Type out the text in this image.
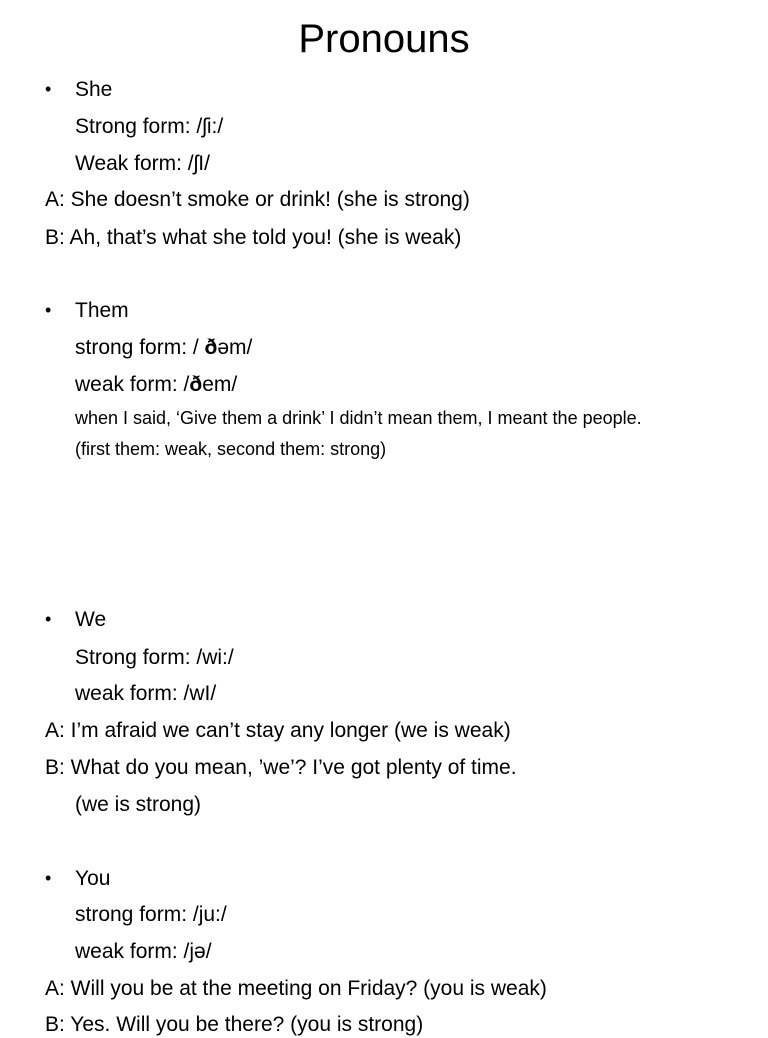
Pronouns
• She
Strong form: /ʃi:/
Weak form: /ʃI/
A: She doesn’t smoke or drink! (she is strong)
B: Ah, that’s what she told you! (she is weak)
• Them
strong form: / ðəm/
weak form: /ðem/
when I said, ‘Give them a drink’ I didn’t mean them, I meant the people.
(first them: weak, second them: strong)
• We
Strong form: /wi:/
weak form: /wI/
A: I’m afraid we can’t stay any longer (we is weak)
B: What do you mean, ’we’? I’ve got plenty of time.
(we is strong)
• You
strong form: /ju:/
weak form: /jə/
A: Will you be at the meeting on Friday? (you is weak)
B: Yes. Will you be there? (you is strong)
